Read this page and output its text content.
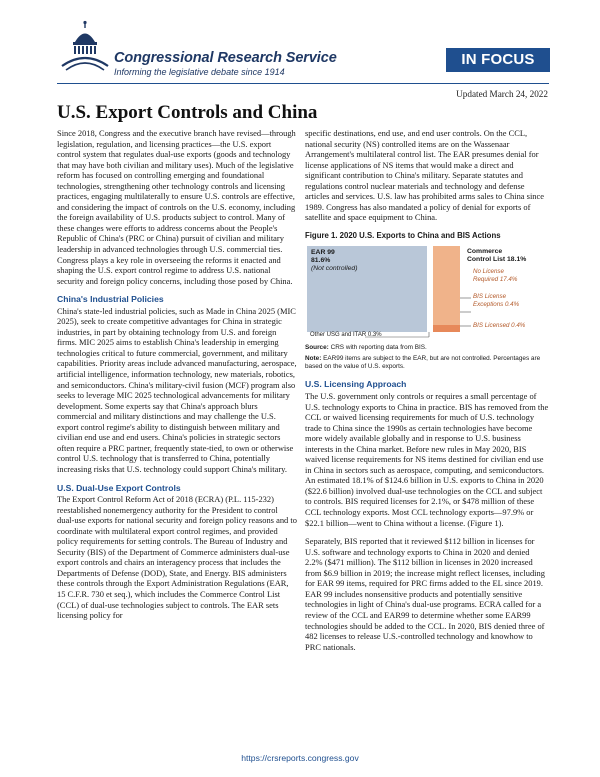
Congressional Research Service
Informing the legislative debate since 1914
IN FOCUS
Updated March 24, 2022
U.S. Export Controls and China

Since 2018, Congress and the executive branch have revised—through legislation, regulation, and licensing practices—the U.S. export control system that regulates dual-use exports (goods and technology that may have both civilian and military uses). Much of the legislative reform has focused on controlling emerging and foundational technologies, strengthening other technology controls and licensing practices, engaging multilaterally to ensure U.S. controls are effective, and considering the impact of controls on the U.S. economy, including the foreign availability of U.S. products subject to control. Many of these changes were efforts to address concerns about the People's Republic of China's (PRC or China) pursuit of civilian and military leadership in advanced technologies through U.S. commercial ties. Congress plays a key role in overseeing the reforms it enacted and shaping the U.S. export control regime to address U.S. national security and foreign policy concerns, including those posed by China.

China's Industrial Policies

China's state-led industrial policies, such as Made in China 2025 (MIC 2025), seek to create competitive advantages for China in strategic industries, in part by obtaining technology from U.S. and foreign firms. MIC 2025 aims to establish China's leadership in emerging technologies critical to future commercial, government, and military capabilities. Priority areas include advanced manufacturing, aerospace, artificial intelligence, information technology, new materials, robotics, and semiconductors. China's military-civil fusion (MCF) program also seeks to leverage MIC 2025 technological advancements for military development. Some experts say that China's approach blurs commercial and military distinctions and may challenge the U.S. export control regime's ability to distinguish between military and civilian end use and end users. China's policies in strategic sectors often require a PRC partner, frequently state-tied, to own or otherwise control U.S. technology that is transferred to China, potentially increasing risks that U.S. technology could support China's military.

U.S. Dual-Use Export Controls

The Export Control Reform Act of 2018 (ECRA) (P.L. 115-232) reestablished nonemergency authority for the President to control dual-use exports for national security and foreign policy reasons and to coordinate with multilateral export control regimes, and provided policy requirements for setting controls. The Bureau of Industry and Security (BIS) of the Department of Commerce administers dual-use export controls and chairs an interagency process that includes the Departments of Defense (DOD), State, and Energy. BIS administers these controls through the Export Administration Regulations (EAR, 15 C.F.R. 730 et seq.), which includes the Commerce Control List (CCL) of dual-use technologies subject to controls. The EAR sets licensing policy for

specific destinations, end use, and end user controls. On the CCL, national security (NS) controlled items are on the Wassenaar Arrangement's multilateral control list. The EAR presumes denial for license applications of NS items that would make a direct and significant contribution to China's military. Separate statutes and regulations control nuclear materials and technology and defense articles and services. U.S. law has prohibited arms sales to China since 1989. Congress has also mandated a policy of denial for exports of satellite and space equipment to China.

Figure 1. 2020 U.S. Exports to China and BIS Actions
EAR 99
81.6%
(Not controlled)
Commerce
Control List 18.1%
No License
Required 17.4%
BIS License
Exceptions 0.4%
BIS Licensed 0.4%
Other USG and ITAR 0.3%

Source: CRS with reporting data from BIS.

Note: EAR99 items are subject to the EAR, but are not controlled. Percentages are based on the value of U.S. exports.

U.S. Licensing Approach

The U.S. government only controls or requires a small percentage of U.S. technology exports to China in practice. BIS has removed from the CCL or waived licensing requirements for much of U.S. technology trade to China since the 1990s as certain technologies have become more widely available globally and in response to U.S. business interests in the China market. Before new rules in May 2020, BIS waived license requirements for NS items destined for civilian end use in China in sectors such as aerospace, computing, and semiconductors. An estimated 18.1% of $124.6 billion in U.S. exports to China in 2020 ($22.6 billion) involved dual-use technologies on the CCL and subject to controls. BIS required licenses for 2.1%, or $478 million of these CCL technology exports. Most CCL technology exports—97.9% or $22.1 billion—went to China without a license. (Figure 1).

Separately, BIS reported that it reviewed $112 billion in licenses for U.S. software and technology exports to China in 2020 and denied 2.2% ($471 million). The $112 billion in licenses in 2020 increased from $6.9 billion in 2019; the increase might reflect licenses, including for EAR 99 items, required for PRC firms added to the EL since 2019. EAR 99 includes nonsensitive products and potentially sensitive technologies in light of China's dual-use programs. ECRA called for a review of the CCL and EAR99 to determine whether some EAR99 technologies should be added to the CCL. In 2020, BIS denied three of 482 licenses to release U.S.-controlled technology and knowhow to PRC nationals.

https://crsreports.congress.gov
